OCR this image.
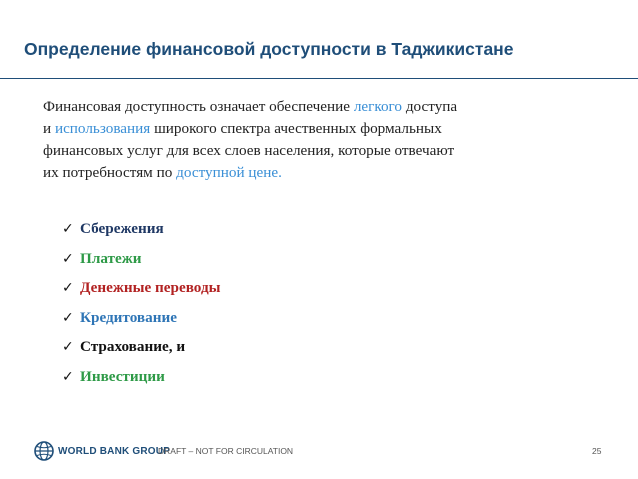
Определение финансовой доступности в Таджикистане
Финансовая доступность означает обеспечение легкого доступа
и использования широкого спектра ачественных формальных
финансовых услуг для всех слоев населения, которые отвечают
их потребностям по доступной цене.
✓ Сбережения
✓ Платежи
✓ Денежные переводы
✓ Кредитование
✓ Страхование, и
✓ Инвестиции
WORLD BANK GROUP
DRAFT – NOT FOR CIRCULATION	25
